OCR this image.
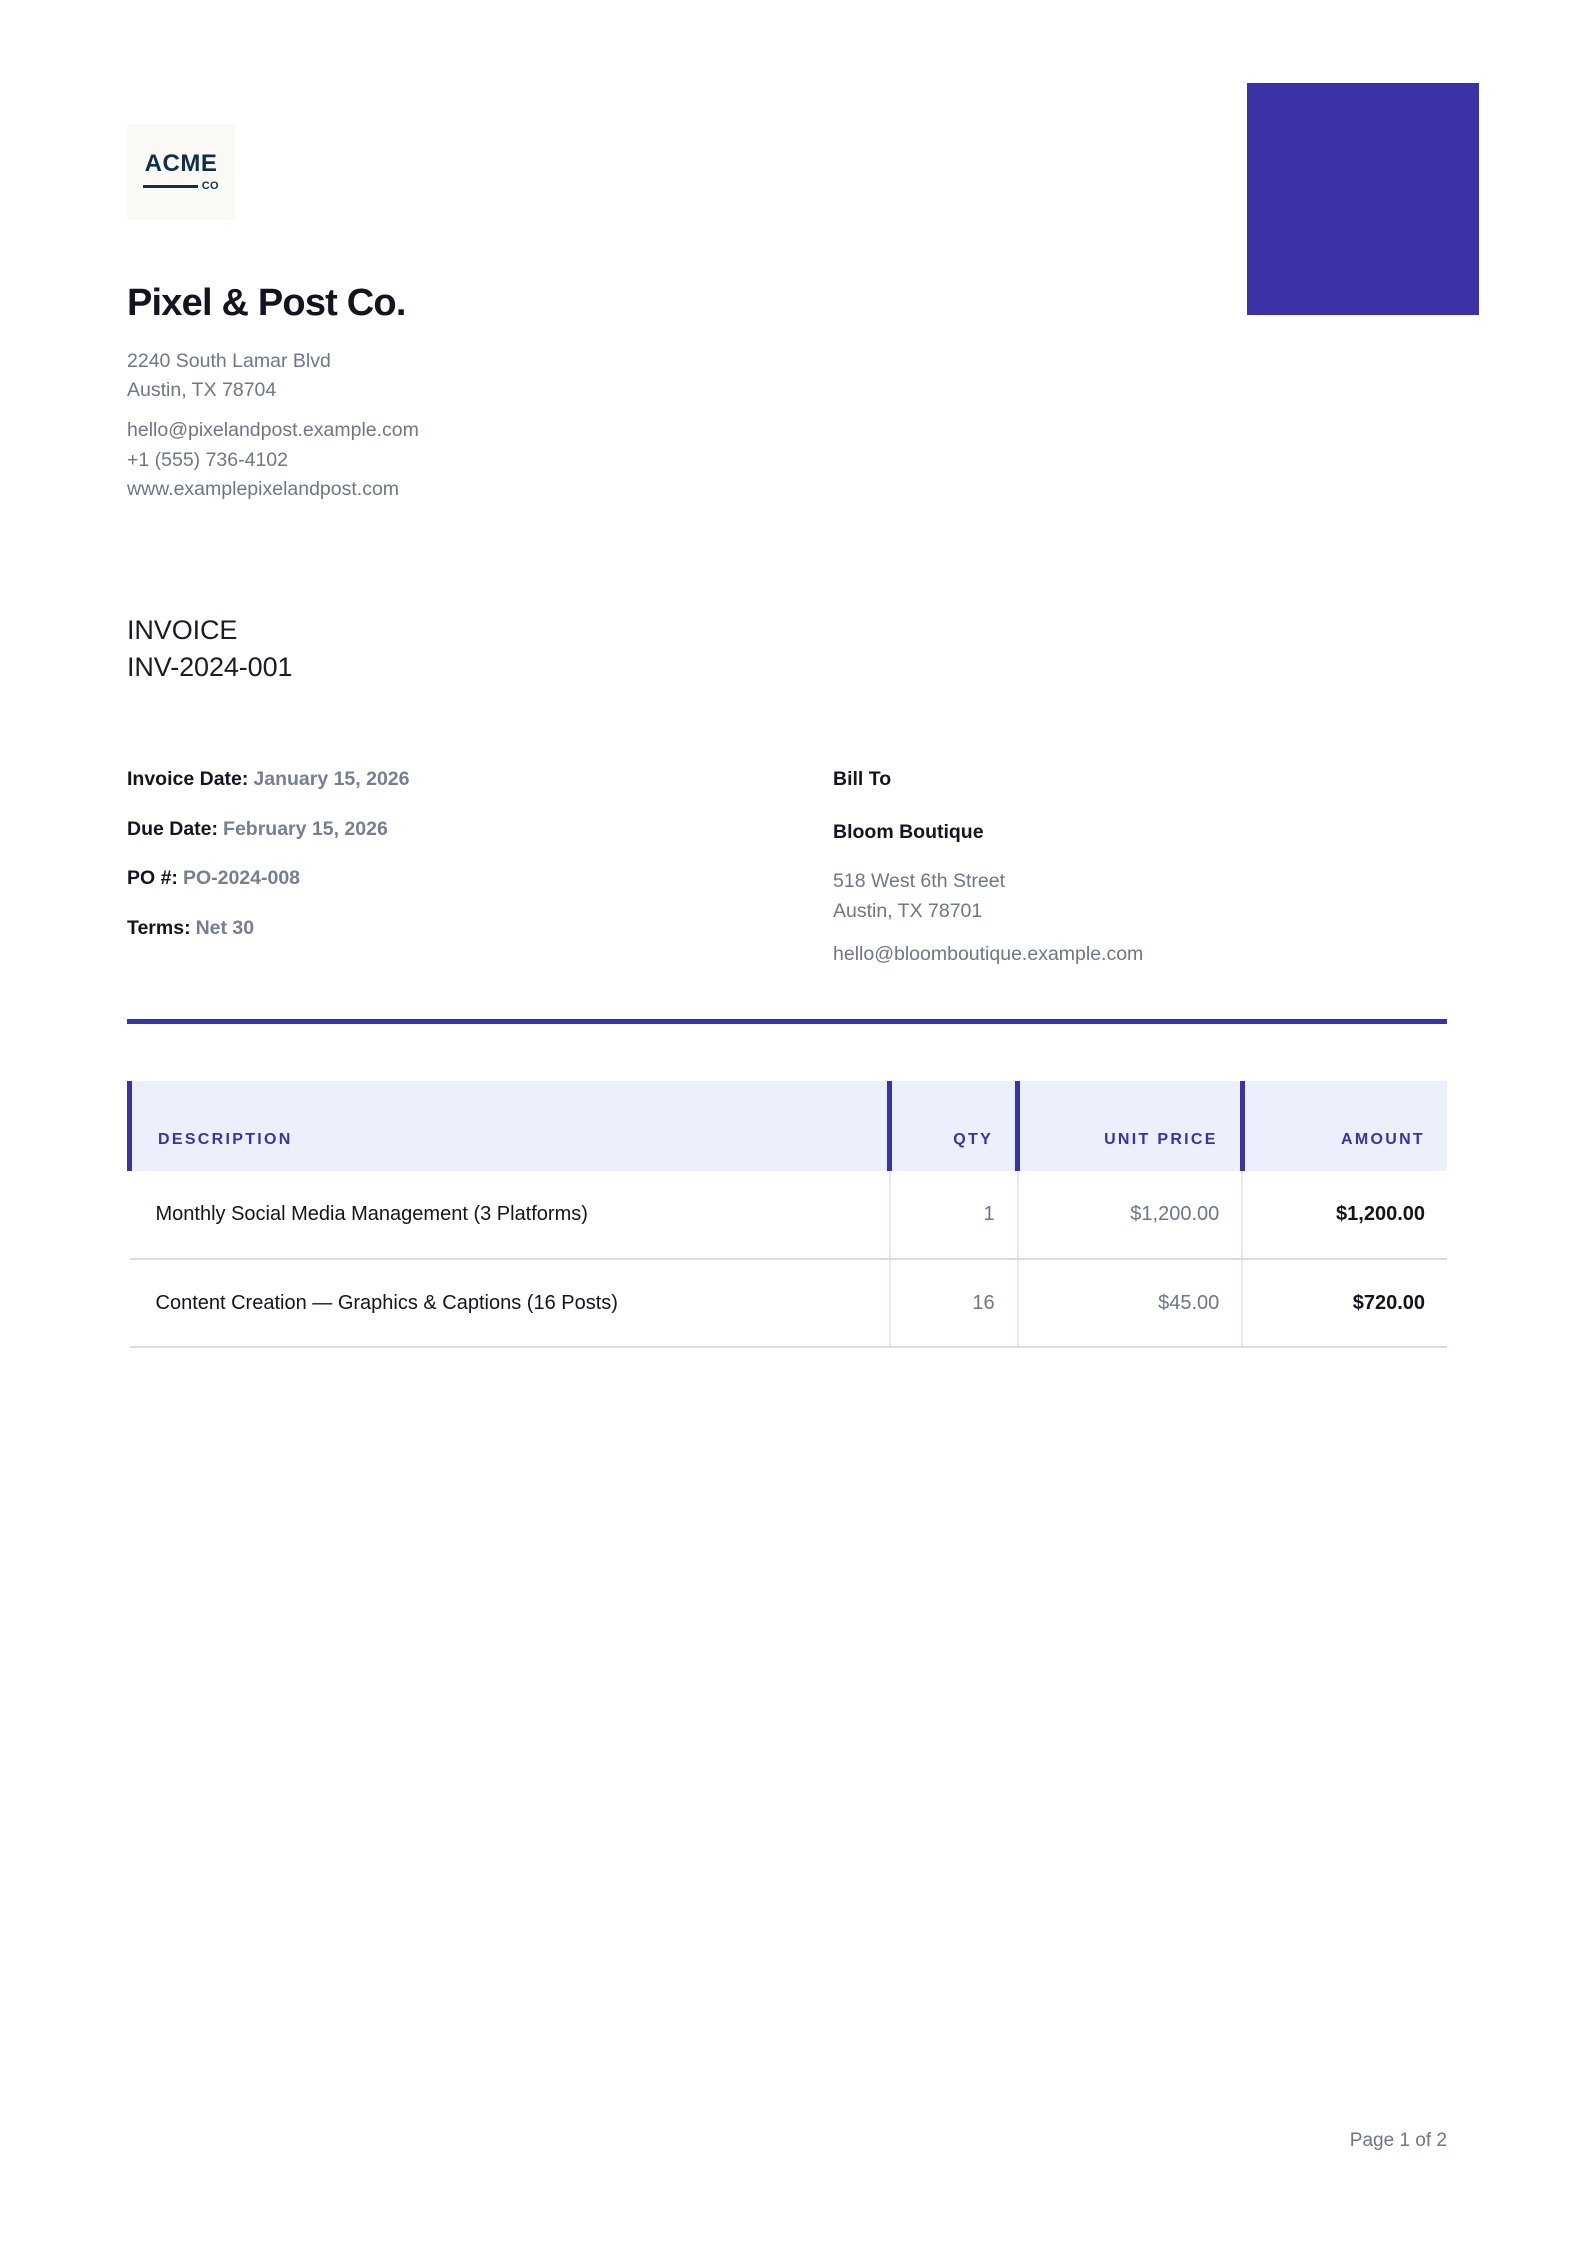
ACME
CO
Pixel & Post Co.
2240 South Lamar Blvd
Austin, TX 78704
hello@pixelandpost.example.com
+1 (555) 736-4102
www.examplepixelandpost.com
INVOICE
INV-2024-001
Invoice Date: January 15, 2026
Due Date: February 15, 2026
PO #: PO-2024-008
Terms: Net 30
Bill To
Bloom Boutique
518 West 6th Street
Austin, TX 78701
hello@bloomboutique.example.com
DESCRIPTION	QTY	UNIT PRICE	AMOUNT
Monthly Social Media Management (3 Platforms)	1	$1,200.00	$1,200.00
Content Creation — Graphics & Captions (16 Posts)	16	$45.00	$720.00
Page 1 of 2
